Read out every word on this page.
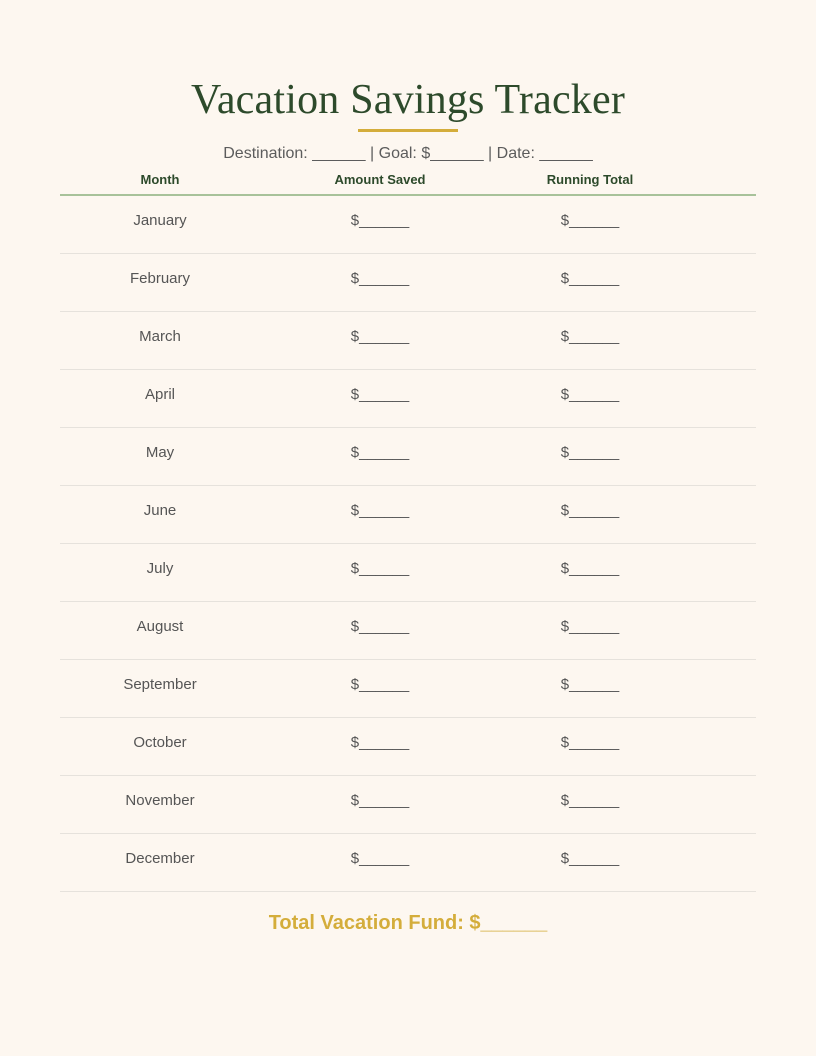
Vacation Savings Tracker
Destination: ______ | Goal: $______ | Date: ______
Month	Amount Saved	Running Total
January	$______	$______
February	$______	$______
March	$______	$______
April	$______	$______
May	$______	$______
June	$______	$______
July	$______	$______
August	$______	$______
September	$______	$______
October	$______	$______
November	$______	$______
December	$______	$______
Total Vacation Fund: $______
